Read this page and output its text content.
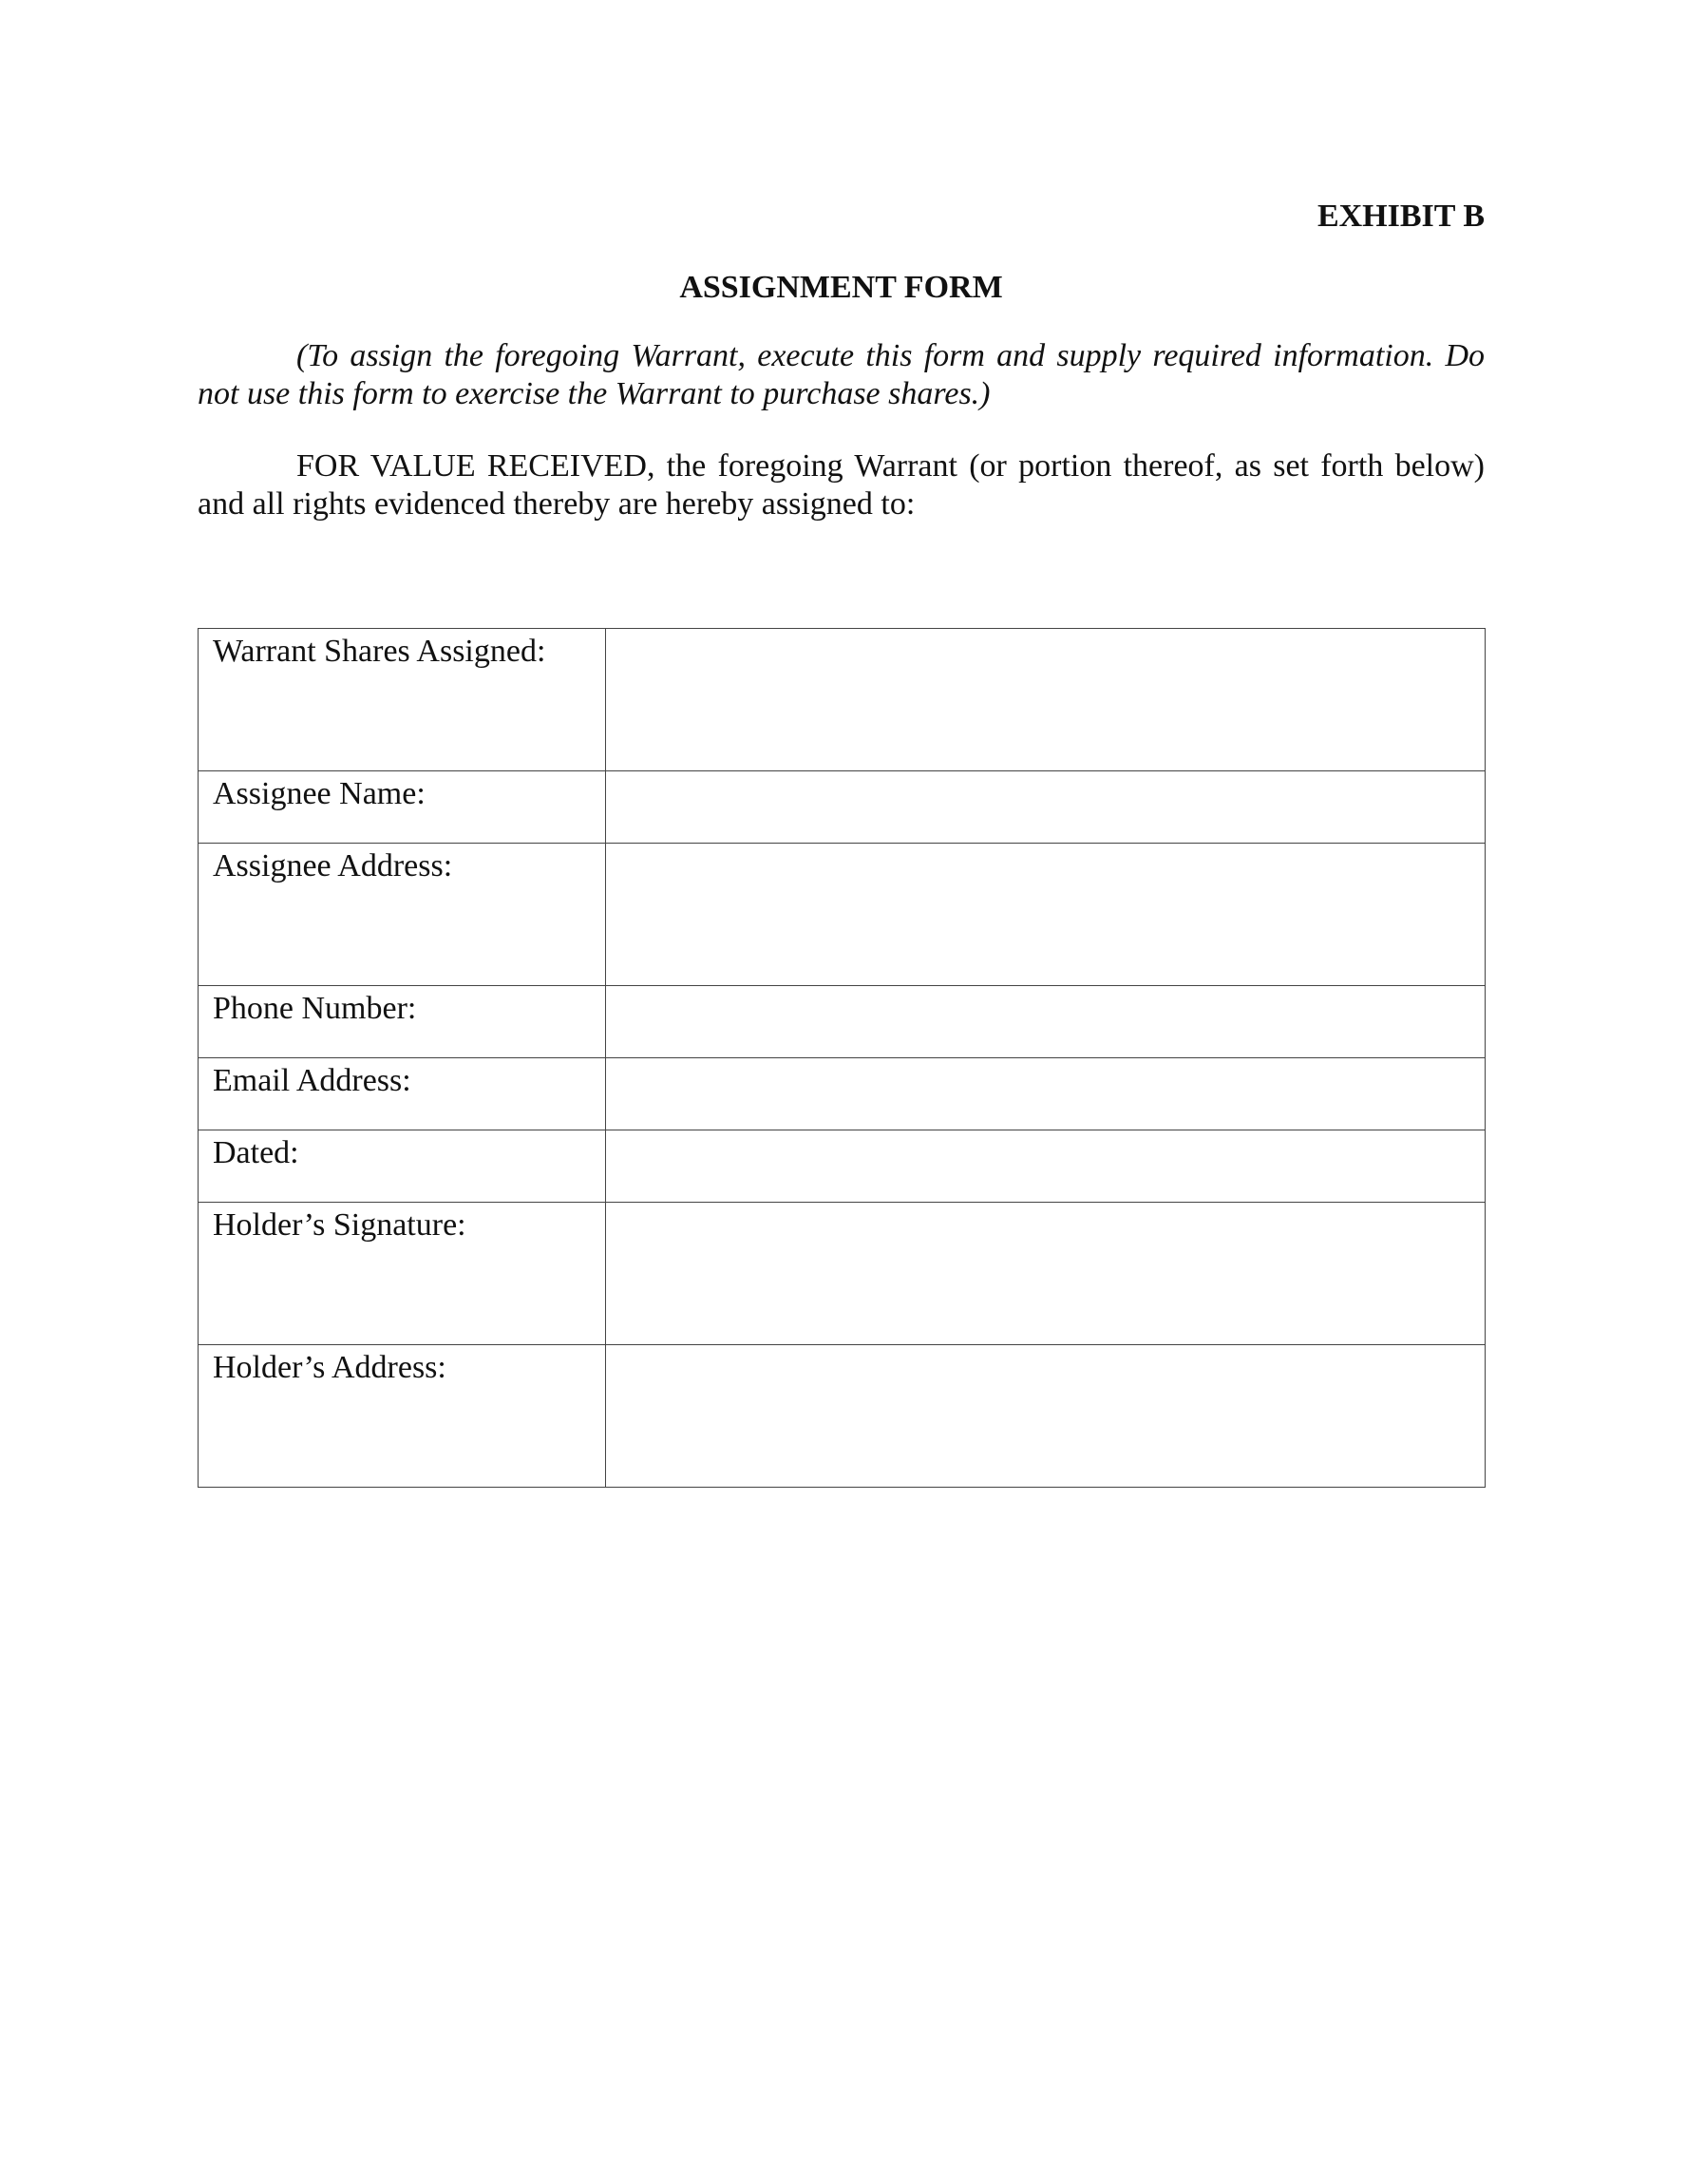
EXHIBIT B
ASSIGNMENT FORM

(To assign the foregoing Warrant, execute this form and supply required information. Do not use this form to exercise the Warrant to purchase shares.)

FOR VALUE RECEIVED, the foregoing Warrant (or portion thereof, as set forth below) and all rights evidenced thereby are hereby assigned to:

Warrant Shares Assigned:	
Assignee Name:	
Assignee Address:	
Phone Number:	
Email Address:	
Dated:	
Holder’s Signature:	
Holder’s Address:	
